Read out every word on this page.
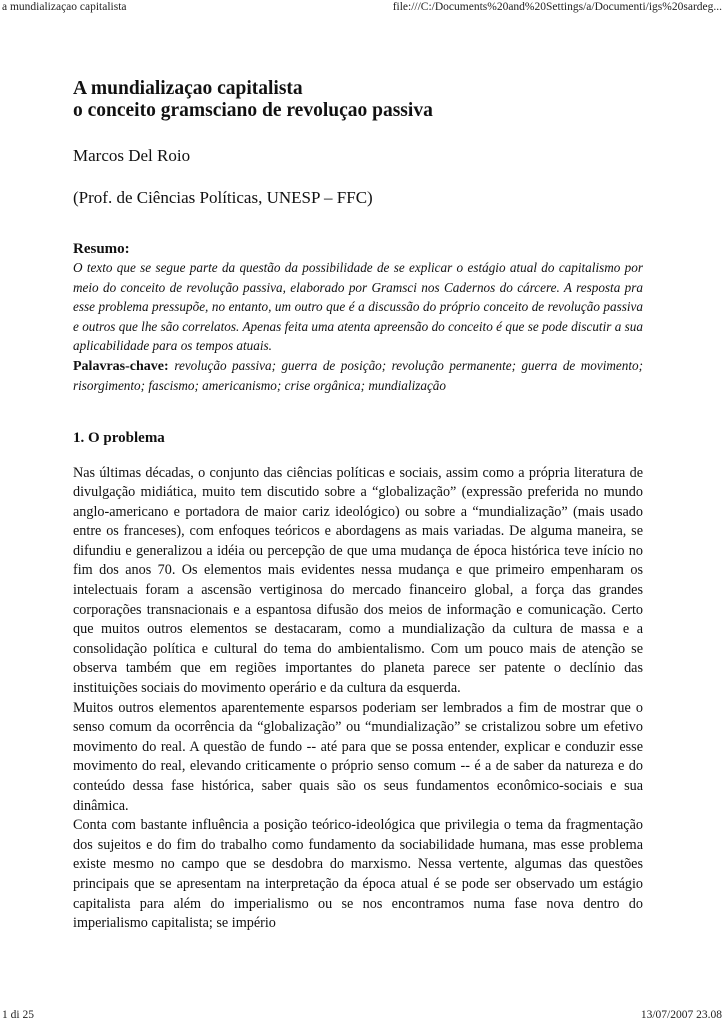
a mundializaçao capitalista	file:///C:/Documents%20and%20Settings/a/Documenti/igs%20sardeg...
A mundializaçao capitalista
o conceito gramsciano de revoluçao passiva
Marcos Del Roio
(Prof. de Ciências Políticas, UNESP – FFC)
Resumo:

O texto que se segue parte da questão da possibilidade de se explicar o estágio atual do capitalismo por meio do conceito de revolução passiva, elaborado por Gramsci nos Cadernos do cárcere. A resposta pra esse problema pressupõe, no entanto, um outro que é a discussão do próprio conceito de revolução passiva e outros que lhe são correlatos. Apenas feita uma atenta apreensão do conceito é que se pode discutir a sua aplicabilidade para os tempos atuais.

Palavras-chave: revolução passiva; guerra de posição; revolução permanente; guerra de movimento; risorgimento; fascismo; americanismo; crise orgânica; mundialização

1. O problema

Nas últimas décadas, o conjunto das ciências políticas e sociais, assim como a própria literatura de divulgação midiática, muito tem discutido sobre a “globalização” (expressão preferida no mundo anglo-americano e portadora de maior cariz ideológico) ou sobre a “mundialização” (mais usado entre os franceses), com enfoques teóricos e abordagens as mais variadas. De alguma maneira, se difundiu e generalizou a idéia ou percepção de que uma mudança de época histórica teve início no fim dos anos 70. Os elementos mais evidentes nessa mudança e que primeiro empenharam os intelectuais foram a ascensão vertiginosa do mercado financeiro global, a força das grandes corporações transnacionais e a espantosa difusão dos meios de informação e comunicação. Certo que muitos outros elementos se destacaram, como a mundialização da cultura de massa e a consolidação política e cultural do tema do ambientalismo. Com um pouco mais de atenção se observa também que em regiões importantes do planeta parece ser patente o declínio das instituições sociais do movimento operário e da cultura da esquerda.

Muitos outros elementos aparentemente esparsos poderiam ser lembrados a fim de mostrar que o senso comum da ocorrência da “globalização” ou “mundialização” se cristalizou sobre um efetivo movimento do real. A questão de fundo -- até para que se possa entender, explicar e conduzir esse movimento do real, elevando criticamente o próprio senso comum -- é a de saber da natureza e do conteúdo dessa fase histórica, saber quais são os seus fundamentos econômico-sociais e sua dinâmica.

Conta com bastante influência a posição teórico-ideológica que privilegia o tema da fragmentação dos sujeitos e do fim do trabalho como fundamento da sociabilidade humana, mas esse problema existe mesmo no campo que se desdobra do marxismo. Nessa vertente, algumas das questões principais que se apresentam na interpretação da época atual é se pode ser observado um estágio capitalista para além do imperialismo ou se nos encontramos numa fase nova dentro do imperialismo capitalista; se império

1 di 25	13/07/2007 23.08
